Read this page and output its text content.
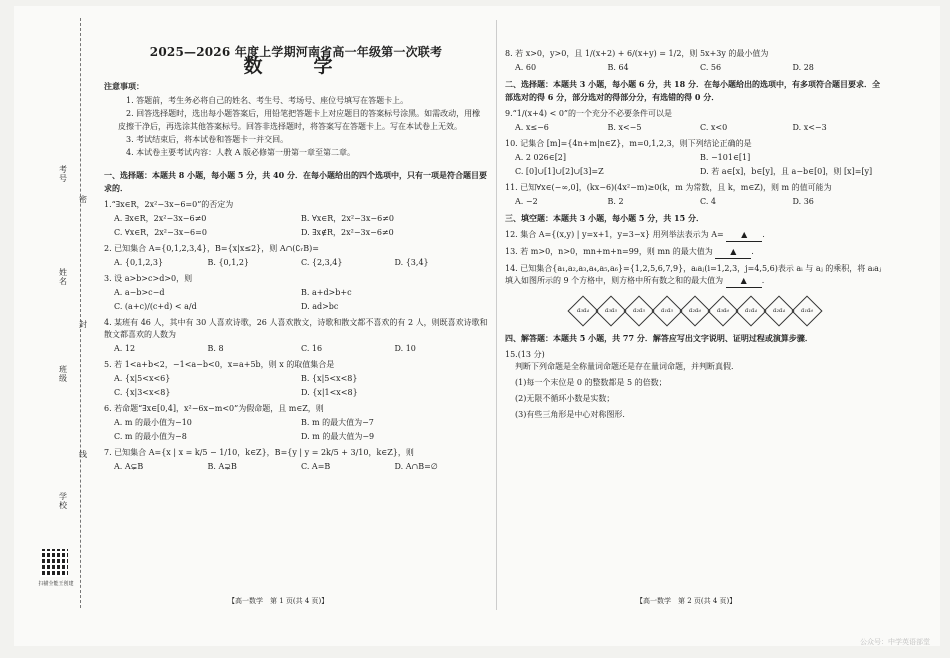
考号
密
姓名
封
班级
线
学校
扫描全能王创建
2025—2026 年度上学期河南省高一年级第一次联考
数　学
注意事项：
1. 答题前，考生务必将自己的姓名、考生号、考场号、座位号填写在答题卡上。
2. 回答选择题时，选出每小题答案后，用铅笔把答题卡上对应题目的答案标号涂黑。如需改动，用橡皮擦干净后，再选涂其他答案标号。回答非选择题时，将答案写在答题卡上。写在本试卷上无效。
3. 考试结束后，将本试卷和答题卡一并交回。
4. 本试卷主要考试内容：人教 A 版必修第一册第一章至第二章。
一、选择题：本题共 8 小题，每小题 5 分，共 40 分．在每小题给出的四个选项中，只有一项是符合题目要求的．
1.“∃x∈R，2x²−3x−6=0”的否定为
A. ∃x∈R，2x²−3x−6≠0	B. ∀x∈R，2x²−3x−6≠0
C. ∀x∈R，2x²−3x−6=0	D. ∃x∉R，2x²−3x−6≠0
2. 已知集合 A={0,1,2,3,4}，B={x|x≤2}，则 A∩(∁ᵣB)=
A. {0,1,2,3}	B. {0,1,2}	C. {2,3,4}	D. {3,4}
3. 设 a>b>c>d>0，则
A. a−b>c−d	B. a+d>b+c
C. (a+c)/(c+d) < a/d	D. ad>bc
4. 某班有 46 人，其中有 30 人喜欢诗歌，26 人喜欢散文，诗歌和散文都不喜欢的有 2 人，则既喜欢诗歌和散文都喜欢的人数为
A. 12	B. 8	C. 16	D. 10
5. 若 1<a+b<2，−1<a−b<0，x=a+5b，则 x 的取值集合是
A. {x|5<x<6}	B. {x|5<x<8}
C. {x|3<x<8}	D. {x|1<x<8}
6. 若命题“∃x∈[0,4]，x²−6x−m<0”为假命题，且 m∈Z，则
A. m 的最小值为−10	B. m 的最大值为−7
C. m 的最小值为−8	D. m 的最大值为−9
7. 已知集合 A={x | x = k/5 − 1/10，k∈Z}，B={y | y = 2k/5 + 3/10，k∈Z}，则
A. A⊊B	B. A⊋B	C. A=B	D. A∩B=∅
【高一数学　第 1 页(共 4 页)】
8. 若 x>0，y>0，且 1/(x+2) + 6/(x+y) = 1/2，则 5x+3y 的最小值为
A. 60	B. 64	C. 56	D. 28
二、选择题：本题共 3 小题，每小题 6 分，共 18 分．在每小题给出的选项中，有多项符合题目要求．全部选对的得 6 分，部分选对的得部分分，有选错的得 0 分．
9.“1/(x+4) < 0”的一个充分不必要条件可以是
A. x≤−6	B. x<−5	C. x<0	D. x<−3
10. 记集合 [m]={4n+m|n∈Z}，m=0,1,2,3，则下列结论正确的是
A. 2 026∈[2]	B. −101∈[1]
C. [0]∪[1]∪[2]∪[3]=Z	D. 若 a∈[x]，b∈[y]，且 a−b∈[0]，则 [x]=[y]
11. 已知∀x∈(−∞,0]，(kx−6)(4x²−m)≥0(k，m 为常数，且 k，m∈Z)，则 m 的值可能为
A. −2	B. 2	C. 4	D. 36
三、填空题：本题共 3 小题，每小题 5 分，共 15 分．
12. 集合 A={(x,y) | y=x+1，y=3−x} 用列举法表示为 A= ▲ .
13. 若 m>0，n>0，mn+m+n=99，则 mn 的最大值为 ▲ .
14. 已知集合{a₁,a₂,a₃,a₄,a₅,a₆}={1,2,5,6,7,9}，aᵢaⱼ(i=1,2,3，j=4,5,6)表示 aᵢ 与 aⱼ 的乘积，将 aᵢaⱼ 填入如图所示的 9 个方格中，则方格中所有数之和的最大值为 ▲ .
a₃a₄	a₃a₅	a₂a₅	a₁a₅	a₂a₆	a₃a₆	a₁a₄	a₂a₄	a₁a₆
四、解答题：本题共 5 小题，共 77 分．解答应写出文字说明、证明过程或演算步骤．
15.(13 分)
判断下列命题是全称量词命题还是存在量词命题，并判断真假．
(1)每一个末位是 0 的整数都是 5 的倍数；
(2)无限不循环小数是实数；
(3)有些三角形是中心对称图形．
【高一数学　第 2 页(共 4 页)】
公众号：中学英语部堂
